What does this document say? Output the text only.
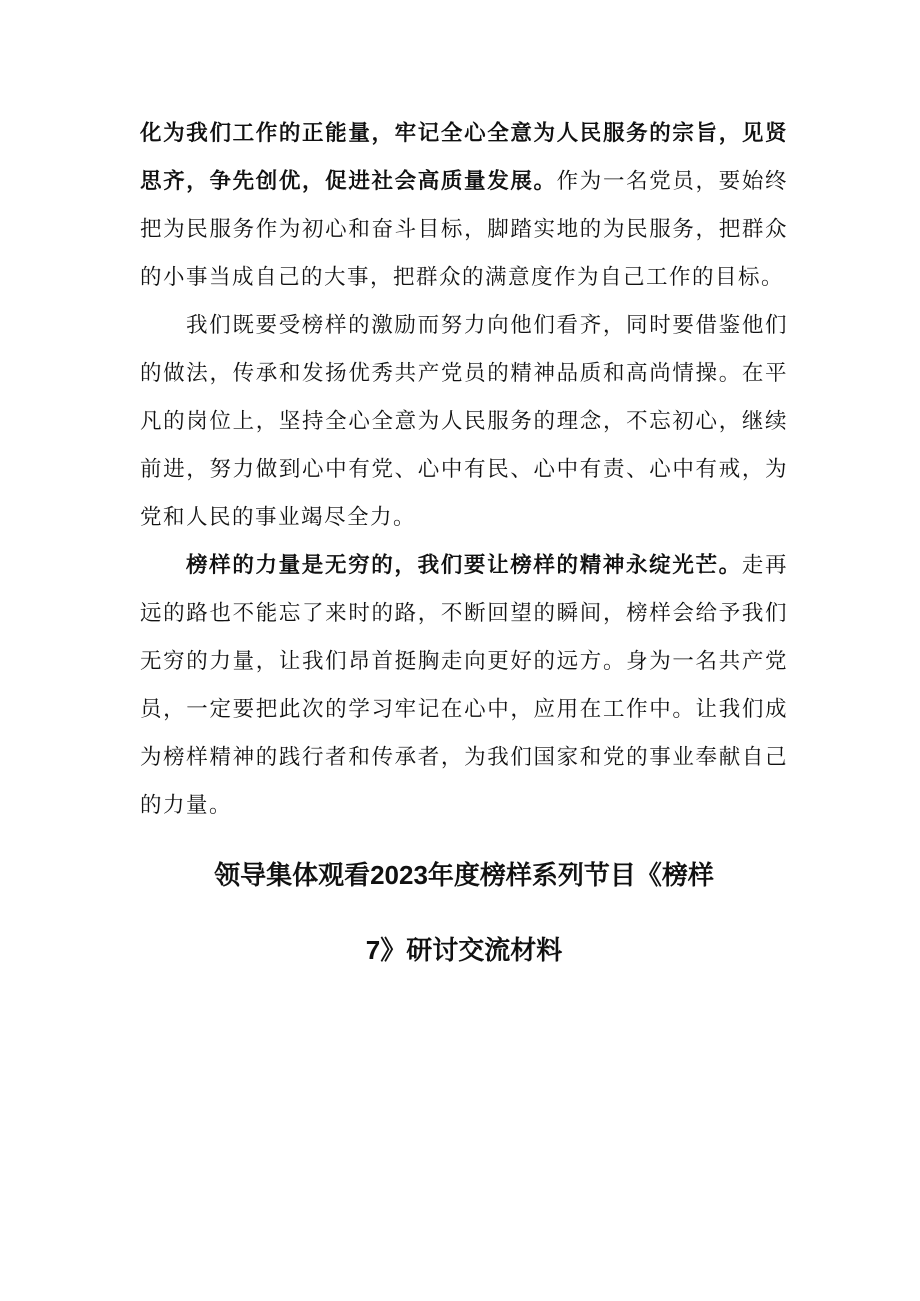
化为我们工作的正能量，牢记全心全意为人民服务的宗旨，见贤思齐，争先创优，促进社会高质量发展。作为一名党员，要始终把为民服务作为初心和奋斗目标，脚踏实地的为民服务，把群众的小事当成自己的大事，把群众的满意度作为自己工作的目标。

我们既要受榜样的激励而努力向他们看齐，同时要借鉴他们的做法，传承和发扬优秀共产党员的精神品质和高尚情操。在平凡的岗位上，坚持全心全意为人民服务的理念，不忘初心，继续前进，努力做到心中有党、心中有民、心中有责、心中有戒，为党和人民的事业竭尽全力。

榜样的力量是无穷的，我们要让榜样的精神永绽光芒。走再远的路也不能忘了来时的路，不断回望的瞬间，榜样会给予我们无穷的力量，让我们昂首挺胸走向更好的远方。身为一名共产党员，一定要把此次的学习牢记在心中，应用在工作中。让我们成为榜样精神的践行者和传承者，为我们国家和党的事业奉献自己的力量。

领导集体观看2023年度榜样系列节目《榜样
7》研讨交流材料
